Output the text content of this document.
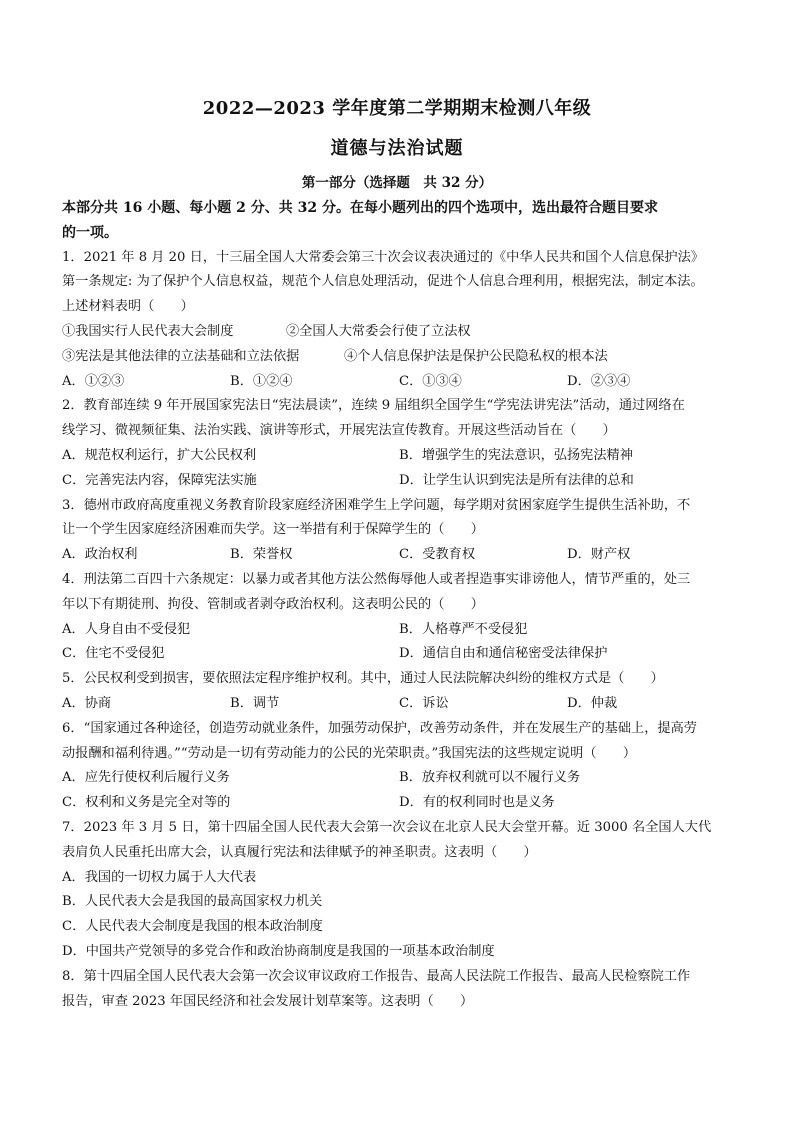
2022—2023 学年度第二学期期末检测八年级
道德与法治试题
第一部分（选择题　共 32 分）
本部分共 16 小题、每小题 2 分、共 32 分。在每小题列出的四个选项中，选出最符合题目要求
的一项。
1．2021 年 8 月 20 日，十三届全国人大常委会第三十次会议表决通过的《中华人民共和国个人信息保护法》
第一条规定: 为了保护个人信息权益，规范个人信息处理活动，促进个人信息合理利用，根据宪法，制定本法。
上述材料表明（　　）
①我国实行人民代表大会制度	②全国人大常委会行使了立法权
③宪法是其他法律的立法基础和立法依据	④个人信息保护法是保护公民隐私权的根本法
A．①②③	B．①②④	C．①③④	D．②③④
2．教育部连续 9 年开展国家宪法日“宪法晨读”，连续 9 届组织全国学生“学宪法讲宪法”活动，通过网络在
线学习、微视频征集、法治实践、演讲等形式，开展宪法宣传教育。开展这些活动旨在（　　）
A．规范权利运行，扩大公民权利	B．增强学生的宪法意识，弘扬宪法精神
C．完善宪法内容，保障宪法实施	D．让学生认识到宪法是所有法律的总和
3．德州市政府高度重视义务教育阶段家庭经济困难学生上学问题，每学期对贫困家庭学生提供生活补助，不
让一个学生因家庭经济困难而失学。这一举措有利于保障学生的（　　）
A．政治权利	B．荣誉权	C．受教育权	D．财产权
4．刑法第二百四十六条规定：以暴力或者其他方法公然侮辱他人或者捏造事实诽谤他人，情节严重的，处三
年以下有期徒刑、拘役、管制或者剥夺政治权利。这表明公民的（　　）
A．人身自由不受侵犯	B．人格尊严不受侵犯
C．住宅不受侵犯	D．通信自由和通信秘密受法律保护
5．公民权利受到损害，要依照法定程序维护权利。其中，通过人民法院解决纠纷的维权方式是（　　）
A．协商	B．调节	C．诉讼	D．仲裁
6．“国家通过各种途径，创造劳动就业条件，加强劳动保护，改善劳动条件，并在发展生产的基础上，提高劳
动报酬和福利待遇。”“劳动是一切有劳动能力的公民的光荣职责。”我国宪法的这些规定说明（　　）
A．应先行使权利后履行义务	B．放弃权利就可以不履行义务
C．权利和义务是完全对等的	D．有的权利同时也是义务
7．2023 年 3 月 5 日，第十四届全国人民代表大会第一次会议在北京人民大会堂开幕。近 3000 名全国人大代
表肩负人民重托出席大会，认真履行宪法和法律赋予的神圣职责。这表明（　　）
A．我国的一切权力属于人大代表
B．人民代表大会是我国的最高国家权力机关
C．人民代表大会制度是我国的根本政治制度
D．中国共产党领导的多党合作和政治协商制度是我国的一项基本政治制度
8．第十四届全国人民代表大会第一次会议审议政府工作报告、最高人民法院工作报告、最高人民检察院工作
报告，审查 2023 年国民经济和社会发展计划草案等。这表明（　　）
